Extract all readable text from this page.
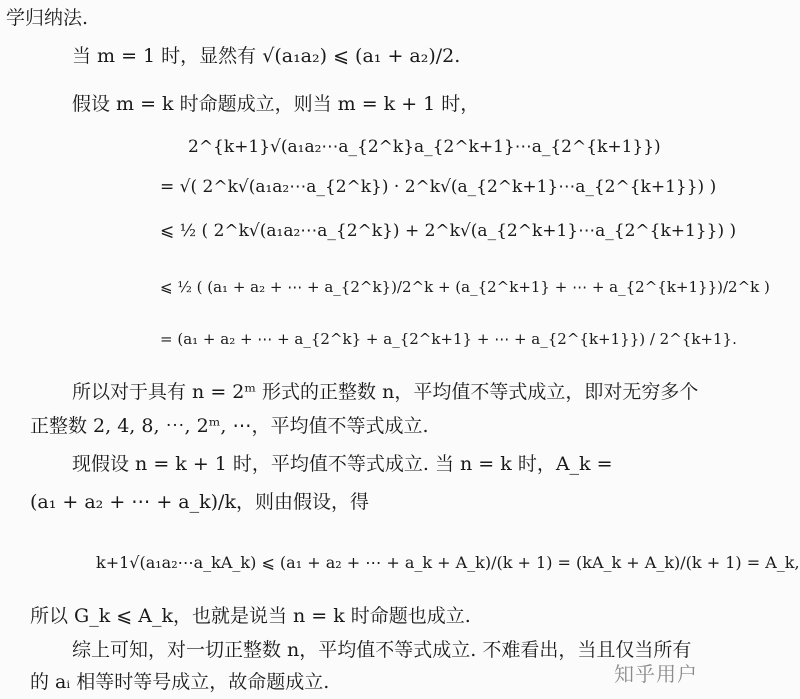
学归纳法.
当 m = 1 时，显然有 √(a₁a₂) ⩽ (a₁ + a₂)/2.
假设 m = k 时命题成立，则当 m = k + 1 时，
2^{k+1}√(a₁a₂⋯a_{2^k}a_{2^k+1}⋯a_{2^{k+1}})
= √( 2^k√(a₁a₂⋯a_{2^k}) · 2^k√(a_{2^k+1}⋯a_{2^{k+1}}) )
⩽ ½ ( 2^k√(a₁a₂⋯a_{2^k}) + 2^k√(a_{2^k+1}⋯a_{2^{k+1}}) )
⩽ ½ ( (a₁ + a₂ + ⋯ + a_{2^k})/2^k + (a_{2^k+1} + ⋯ + a_{2^{k+1}})/2^k )
= (a₁ + a₂ + ⋯ + a_{2^k} + a_{2^k+1} + ⋯ + a_{2^{k+1}}) / 2^{k+1}.
所以对于具有 n = 2ᵐ 形式的正整数 n，平均值不等式成立，即对无穷多个
正整数 2, 4, 8, ⋯, 2ᵐ, ⋯，平均值不等式成立.
现假设 n = k + 1 时，平均值不等式成立. 当 n = k 时，A_k =
(a₁ + a₂ + ⋯ + a_k)/k，则由假设，得
k+1√(a₁a₂⋯a_kA_k) ⩽ (a₁ + a₂ + ⋯ + a_k + A_k)/(k + 1) = (kA_k + A_k)/(k + 1) = A_k,
所以 G_k ⩽ A_k，也就是说当 n = k 时命题也成立.
综上可知，对一切正整数 n，平均值不等式成立. 不难看出，当且仅当所有
的 aᵢ 相等时等号成立，故命题成立.	知乎用户
